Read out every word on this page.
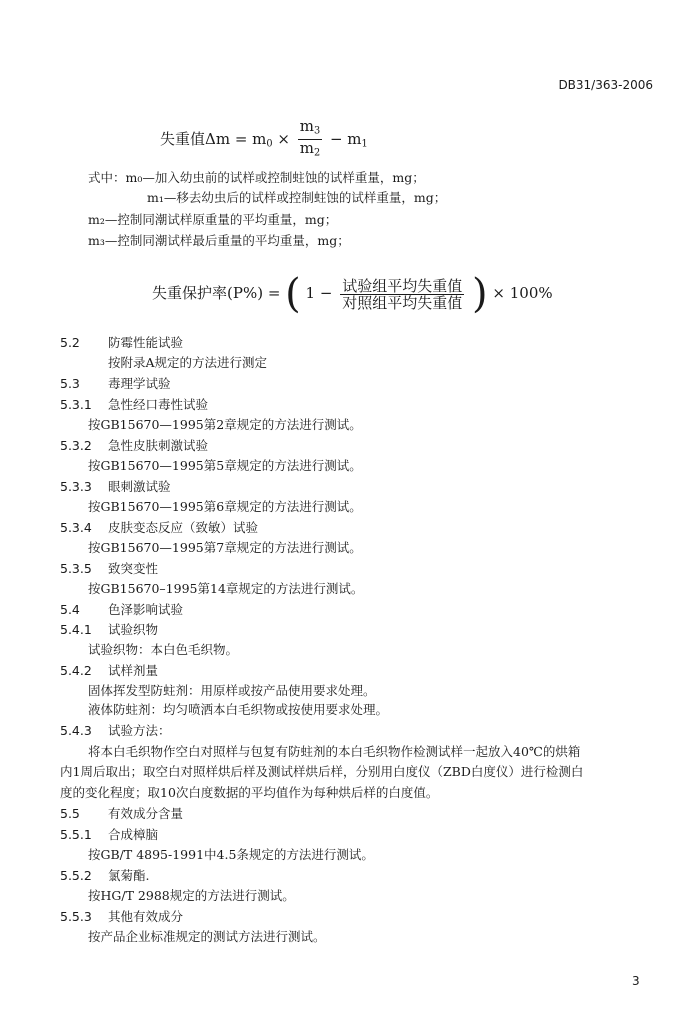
DB31/363-2006
失重值$\Delta m = m_0 \times \frac{m_3}{m_2} - m_1$
式中：m₀—加入幼虫前的试样或控制蛀蚀的试样重量，mg；
m₁—移去幼虫后的试样或控制蛀蚀的试样重量，mg；
m₂—控制同潮试样原重量的平均重量，mg；
m₃—控制同潮试样最后重量的平均重量，mg；
失重保护率(P%) = ( $1 - \frac{\text{试验组平均失重值}}{\text{对照组平均失重值}}$ ) × 100%
5.2 防霉性能试验
按附录A规定的方法进行测定
5.3 毒理学试验
5.3.1 急性经口毒性试验
按GB15670—1995第2章规定的方法进行测试。
5.3.2 急性皮肤刺激试验
按GB15670—1995第5章规定的方法进行测试。
5.3.3 眼刺激试验
按GB15670—1995第6章规定的方法进行测试。
5.3.4 皮肤变态反应（致敏）试验
按GB15670—1995第7章规定的方法进行测试。
5.3.5 致突变性
按GB15670–1995第14章规定的方法进行测试。
5.4 色泽影响试验
5.4.1 试验织物
试验织物：本白色毛织物。
5.4.2 试样剂量
固体挥发型防蛀剂：用原样或按产品使用要求处理。
液体防蛀剂：均匀喷洒本白毛织物或按使用要求处理。
5.4.3 试验方法：
将本白毛织物作空白对照样与包复有防蛀剂的本白毛织物作检测试样一起放入40℃的烘箱
内1周后取出；取空白对照样烘后样及测试样烘后样，分别用白度仪（ZBD白度仪）进行检测白
度的变化程度；取10次白度数据的平均值作为每种烘后样的白度值。
5.5 有效成分含量
5.5.1 合成樟脑
按GB/T 4895-1991中4.5条规定的方法进行测试。
5.5.2 氯菊酯.
按HG/T 2988规定的方法进行测试。
5.5.3 其他有效成分
按产品企业标准规定的测试方法进行测试。
3
